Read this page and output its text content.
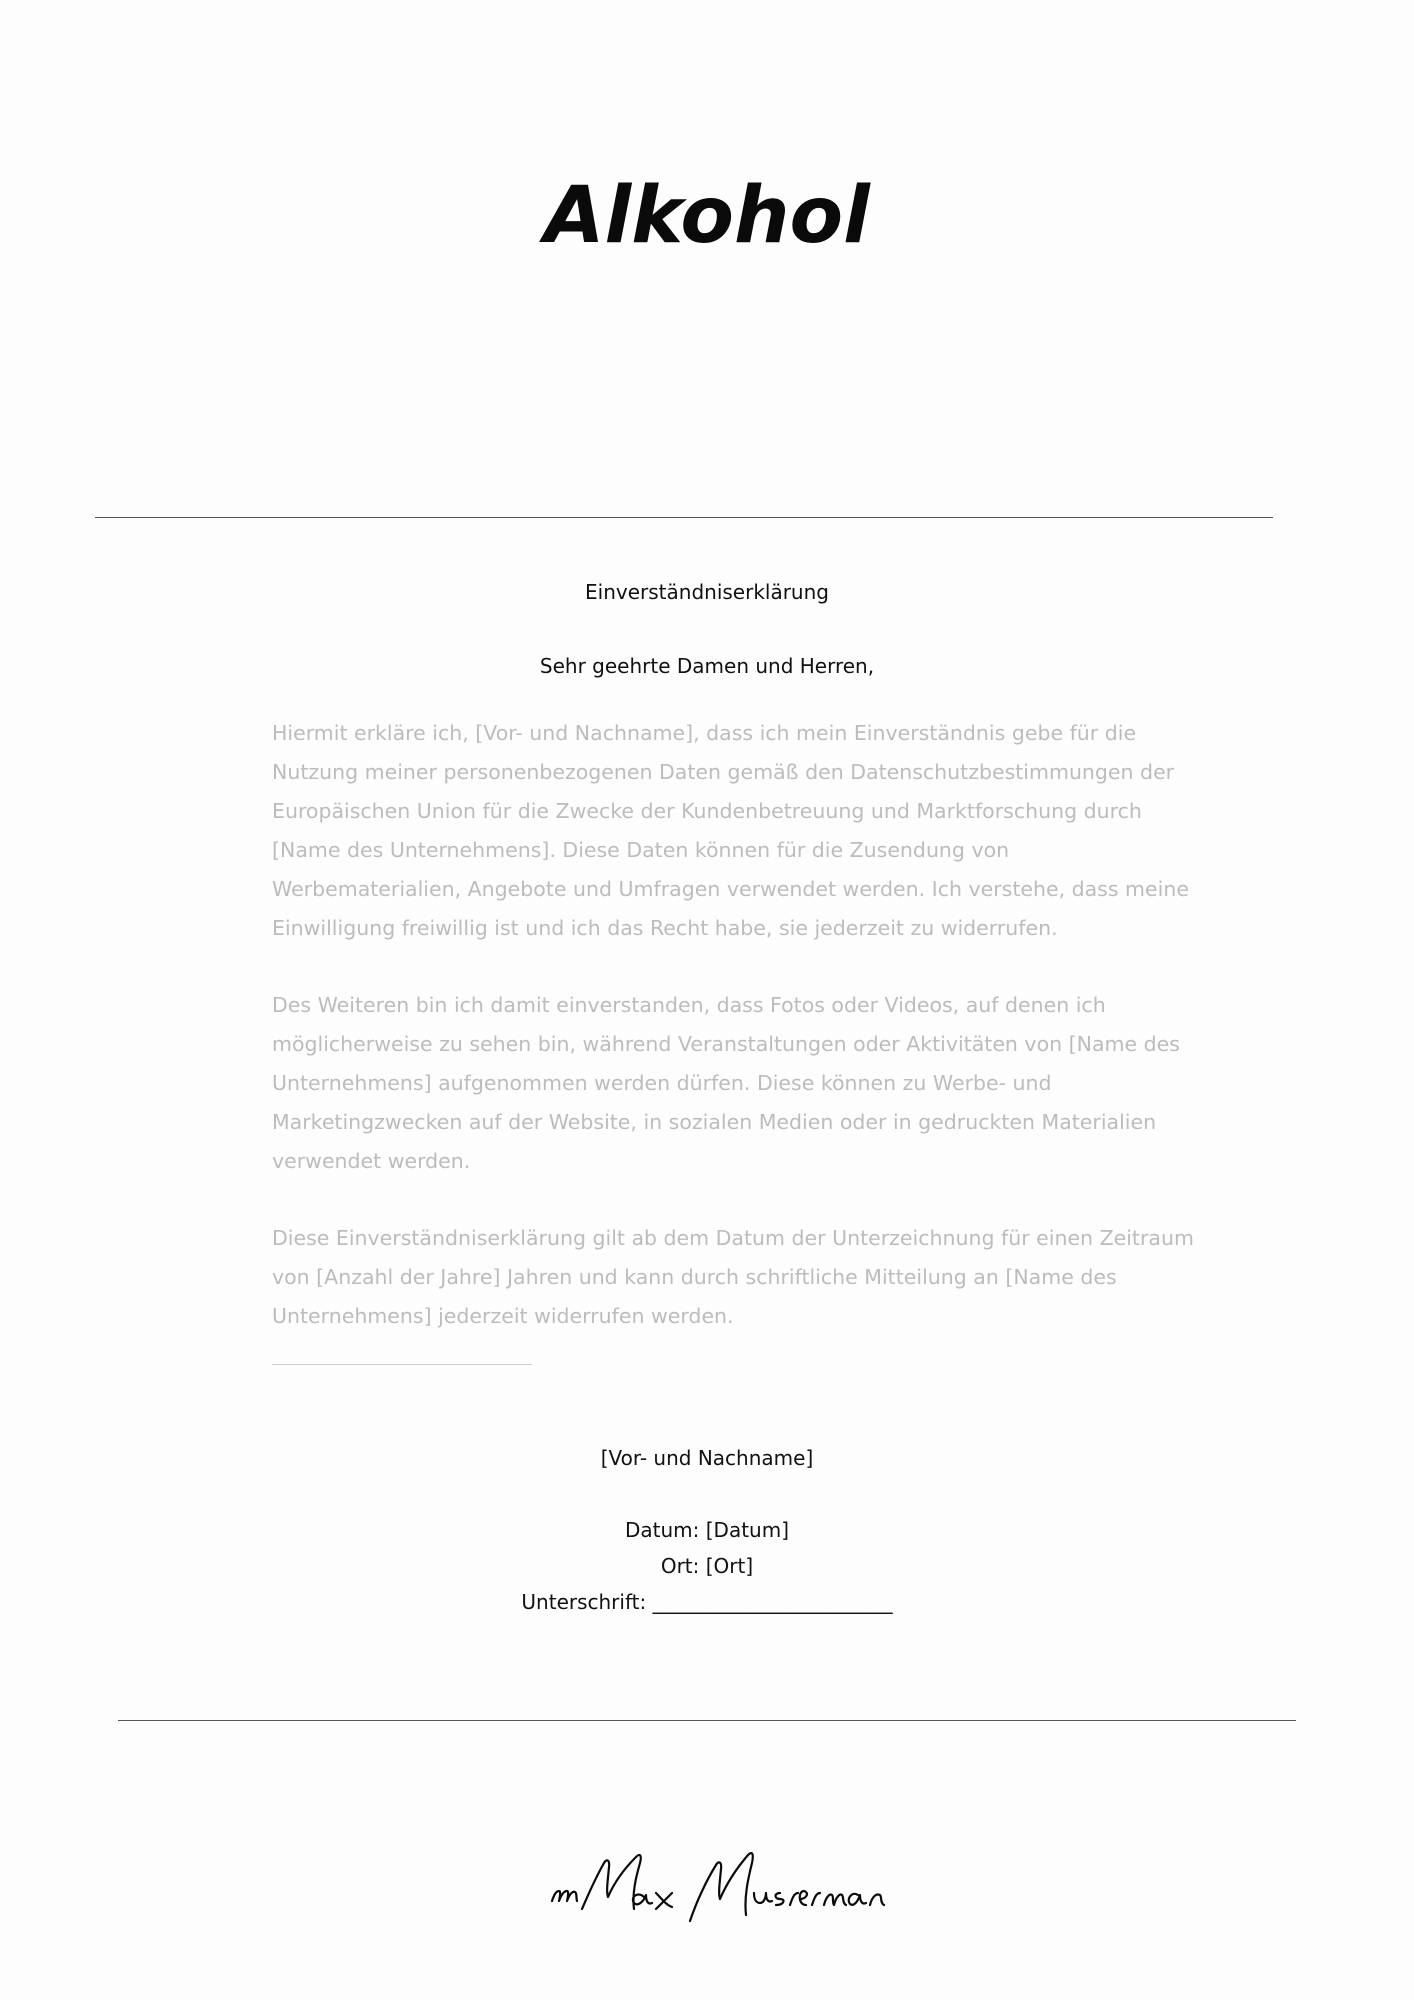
Alkohol
Einverständniserklärung
Sehr geehrte Damen und Herren,

Hiermit erkläre ich, [Vor- und Nachname], dass ich mein Einverständnis gebe für die Nutzung meiner personenbezogenen Daten gemäß den Datenschutzbestimmungen der Europäischen Union für die Zwecke der Kundenbetreuung und Marktforschung durch [Name des Unternehmens]. Diese Daten können für die Zusendung von Werbematerialien, Angebote und Umfragen verwendet werden. Ich verstehe, dass meine Einwilligung freiwillig ist und ich das Recht habe, sie jederzeit zu widerrufen.

Des Weiteren bin ich damit einverstanden, dass Fotos oder Videos, auf denen ich möglicherweise zu sehen bin, während Veranstaltungen oder Aktivitäten von [Name des Unternehmens] aufgenommen werden dürfen. Diese können zu Werbe- und Marketingzwecken auf der Website, in sozialen Medien oder in gedruckten Materialien verwendet werden.

Diese Einverständniserklärung gilt ab dem Datum der Unterzeichnung für einen Zeitraum von [Anzahl der Jahre] Jahren und kann durch schriftliche Mitteilung an [Name des Unternehmens] jederzeit widerrufen werden.

[Vor- und Nachname]
Datum: [Datum]
Ort: [Ort]
Unterschrift: ________________________
